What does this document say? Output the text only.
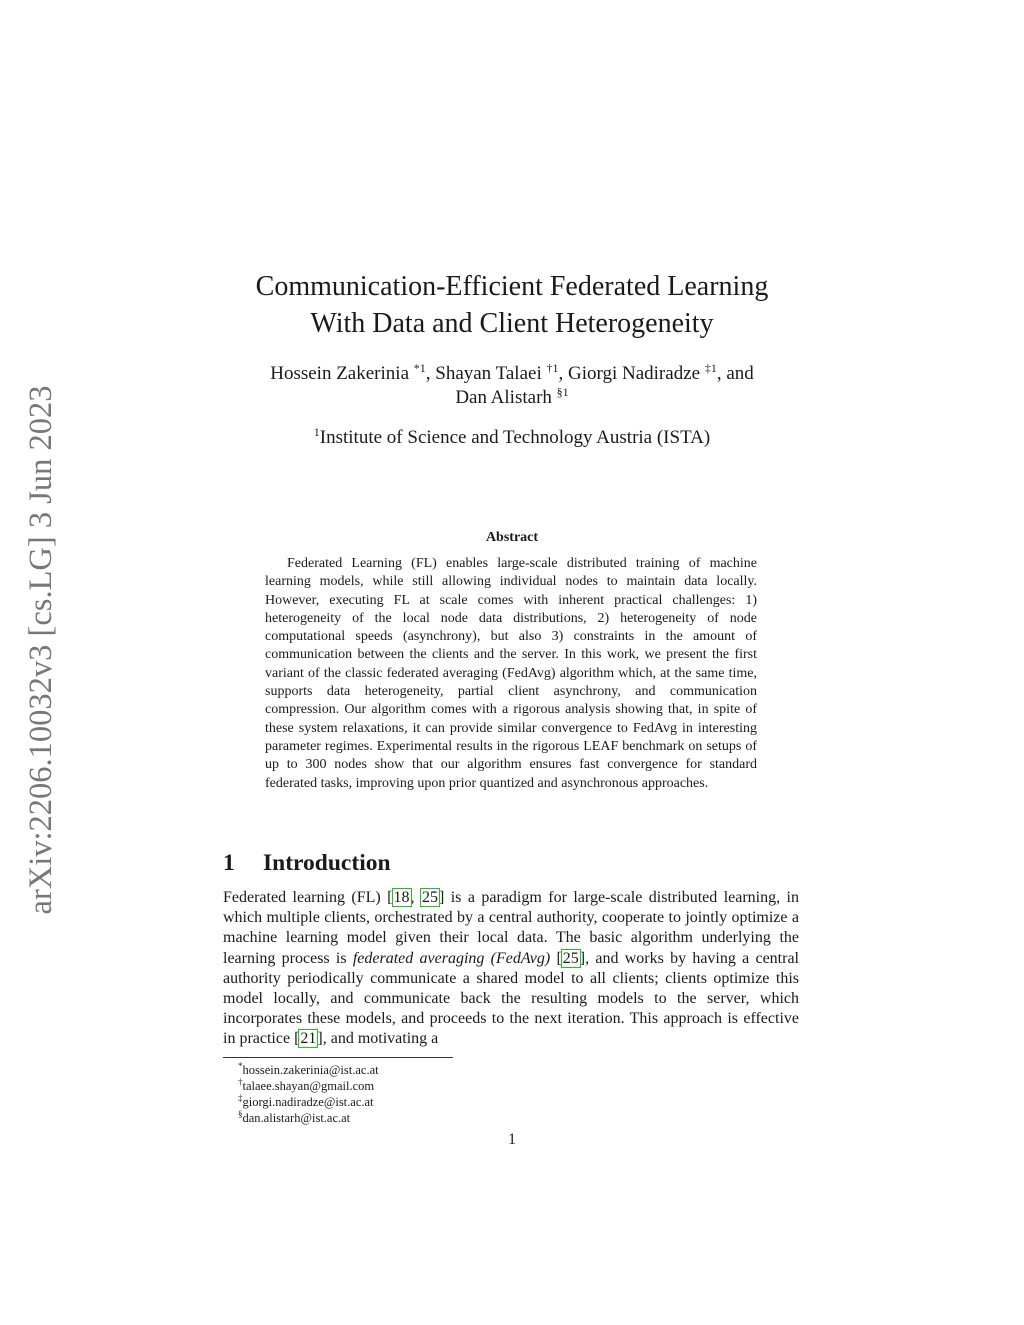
arXiv:2206.10032v3 [cs.LG] 3 Jun 2023
Communication-Efficient Federated Learning
With Data and Client Heterogeneity
Hossein Zakerinia $^{*1}$, Shayan Talaei $^{\dagger 1}$, Giorgi Nadiradze $^{\ddagger 1}$, and
Dan Alistarh $^{\S 1}$
$^1$Institute of Science and Technology Austria (ISTA)
Abstract

Federated Learning (FL) enables large-scale distributed training of machine learning models, while still allowing individual nodes to maintain data locally. However, executing FL at scale comes with inherent practical challenges: 1) heterogeneity of the local node data distributions, 2) heterogeneity of node computational speeds (asynchrony), but also 3) constraints in the amount of communication between the clients and the server. In this work, we present the first variant of the classic federated averaging (FedAvg) algorithm which, at the same time, supports data heterogeneity, partial client asynchrony, and communication compression. Our algorithm comes with a rigorous analysis showing that, in spite of these system relaxations, it can provide similar convergence to FedAvg in interesting parameter regimes. Experimental results in the rigorous LEAF benchmark on setups of up to 300 nodes show that our algorithm ensures fast convergence for standard federated tasks, improving upon prior quantized and asynchronous approaches.

1 Introduction

Federated learning (FL) [18, 25] is a paradigm for large-scale distributed learning, in which multiple clients, orchestrated by a central authority, cooperate to jointly optimize a machine learning model given their local data. The basic algorithm underlying the learning process is federated averaging (FedAvg) [25], and works by having a central authority periodically communicate a shared model to all clients; clients optimize this model locally, and communicate back the resulting models to the server, which incorporates these models, and proceeds to the next iteration. This approach is effective in practice [21], and motivating a

*hossein.zakerinia@ist.ac.at
†talaee.shayan@gmail.com
‡giorgi.nadiradze@ist.ac.at
§dan.alistarh@ist.ac.at
1
